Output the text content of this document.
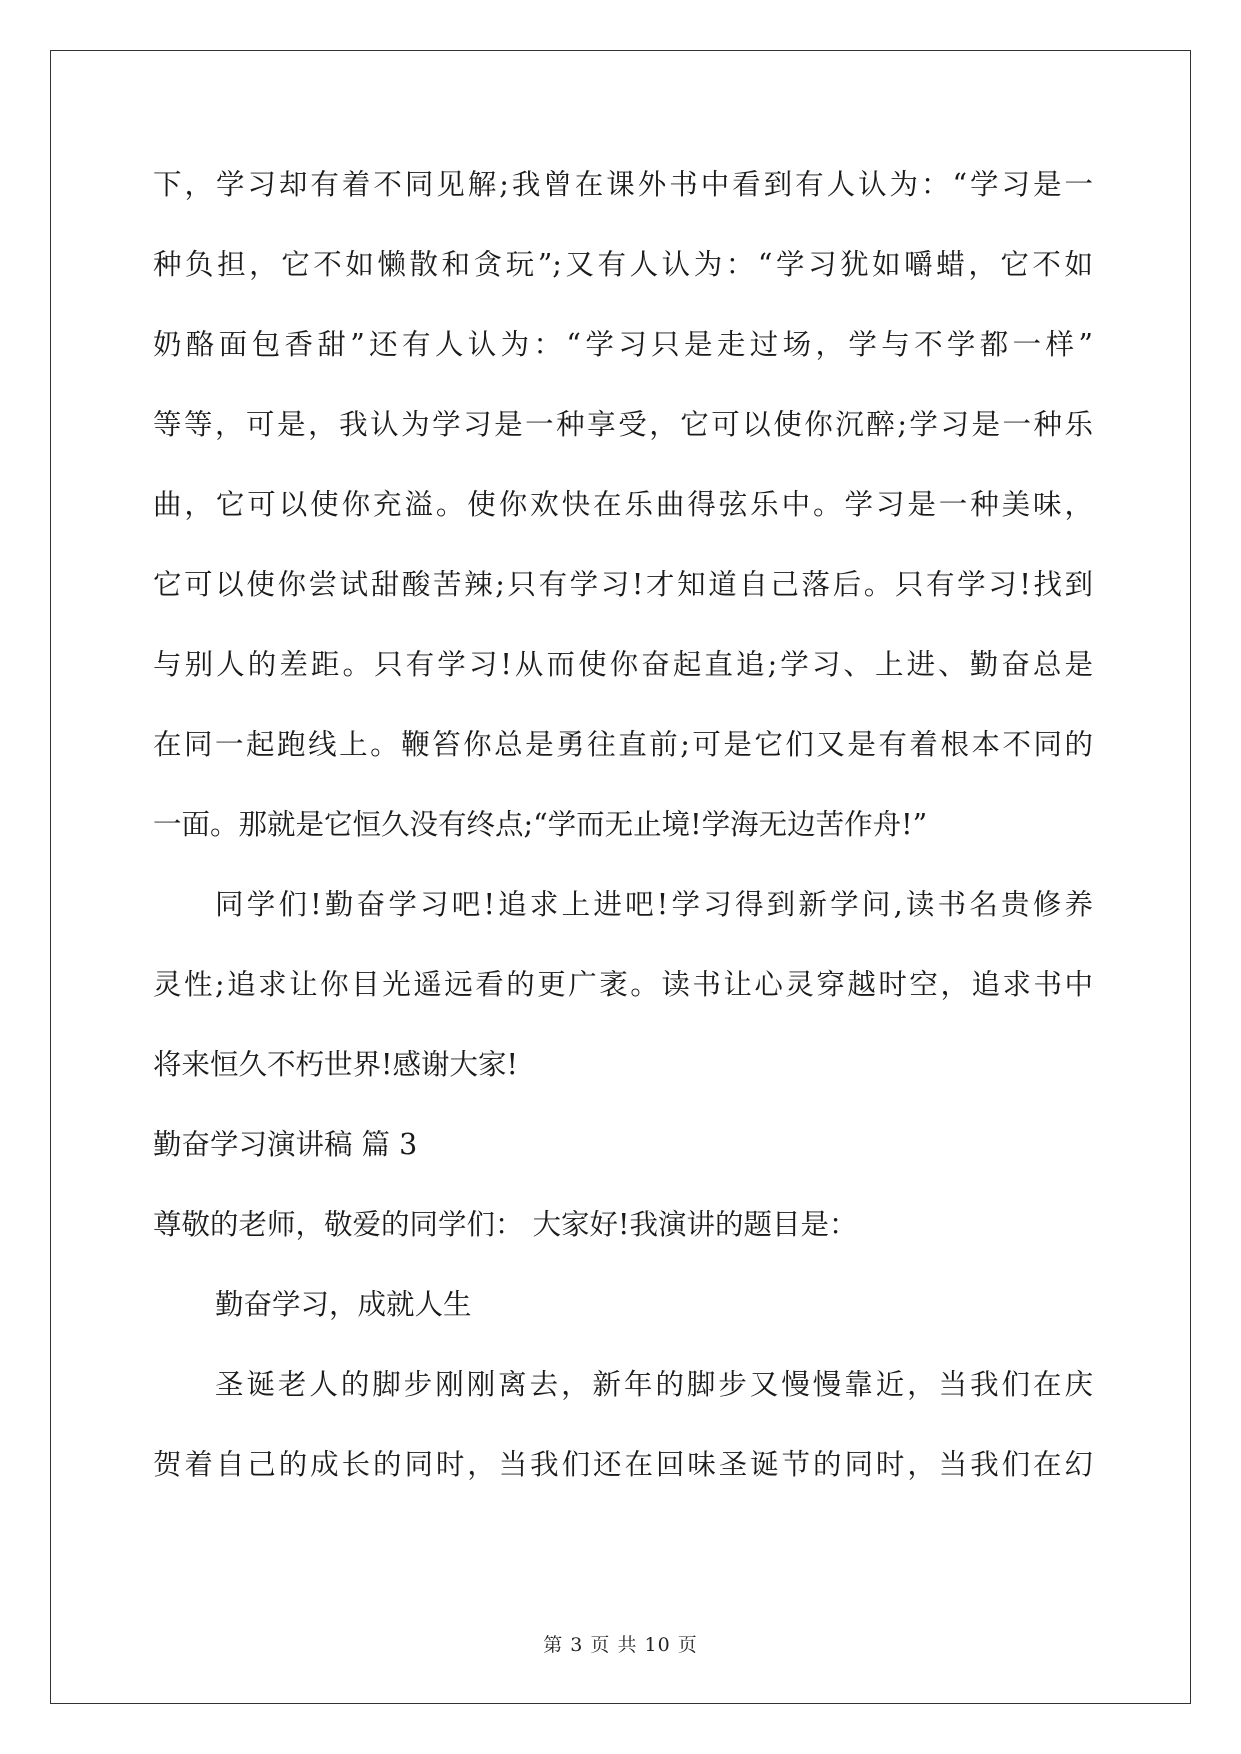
下，学习却有着不同见解;我曾在课外书中看到有人认为：“学习是一
种负担，它不如懒散和贪玩”;又有人认为：“学习犹如嚼蜡，它不如
奶酪面包香甜”还有人认为：“学习只是走过场，学与不学都一样”
等等，可是，我认为学习是一种享受，它可以使你沉醉;学习是一种乐
曲，它可以使你充溢。使你欢快在乐曲得弦乐中。学习是一种美味，
它可以使你尝试甜酸苦辣;只有学习!才知道自己落后。只有学习!找到
与别人的差距。只有学习!从而使你奋起直追;学习、上进、勤奋总是
在同一起跑线上。鞭笞你总是勇往直前;可是它们又是有着根本不同的
一面。那就是它恒久没有终点;“学而无止境!学海无边苦作舟!”
同学们!勤奋学习吧!追求上进吧!学习得到新学问,读书名贵修养
灵性;追求让你目光遥远看的更广袤。读书让心灵穿越时空，追求书中
将来恒久不朽世界!感谢大家!
勤奋学习演讲稿 篇 3
尊敬的老师，敬爱的同学们： 大家好!我演讲的题目是：
勤奋学习，成就人生
圣诞老人的脚步刚刚离去，新年的脚步又慢慢靠近，当我们在庆
贺着自己的成长的同时，当我们还在回味圣诞节的同时，当我们在幻
第 3 页 共 10 页
